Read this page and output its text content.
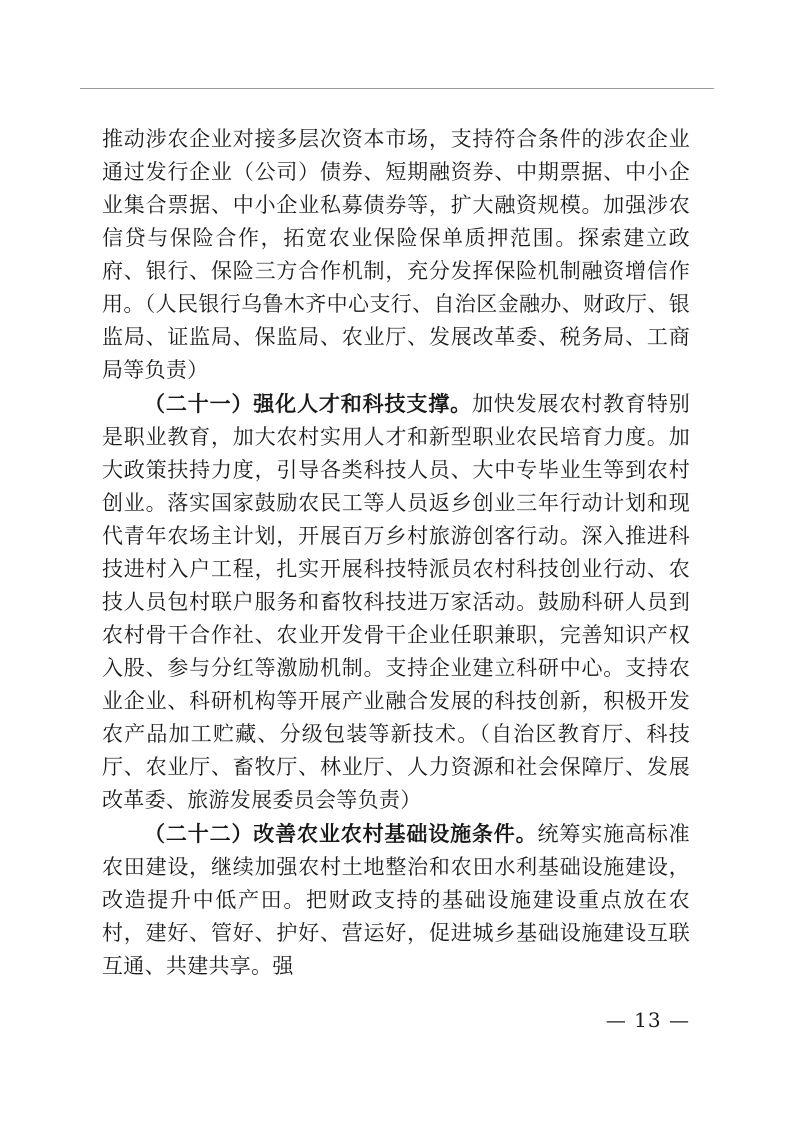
推动涉农企业对接多层次资本市场，支持符合条件的涉农企业通过发行企业（公司）债券、短期融资券、中期票据、中小企业集合票据、中小企业私募债券等，扩大融资规模。加强涉农信贷与保险合作，拓宽农业保险保单质押范围。探索建立政府、银行、保险三方合作机制，充分发挥保险机制融资增信作用。（人民银行乌鲁木齐中心支行、自治区金融办、财政厅、银监局、证监局、保监局、农业厅、发展改革委、税务局、工商局等负责）

（二十一）强化人才和科技支撑。加快发展农村教育特别是职业教育，加大农村实用人才和新型职业农民培育力度。加大政策扶持力度，引导各类科技人员、大中专毕业生等到农村创业。落实国家鼓励农民工等人员返乡创业三年行动计划和现代青年农场主计划，开展百万乡村旅游创客行动。深入推进科技进村入户工程，扎实开展科技特派员农村科技创业行动、农技人员包村联户服务和畜牧科技进万家活动。鼓励科研人员到农村骨干合作社、农业开发骨干企业任职兼职，完善知识产权入股、参与分红等激励机制。支持企业建立科研中心。支持农业企业、科研机构等开展产业融合发展的科技创新，积极开发农产品加工贮藏、分级包装等新技术。（自治区教育厅、科技厅、农业厅、畜牧厅、林业厅、人力资源和社会保障厅、发展改革委、旅游发展委员会等负责）

（二十二）改善农业农村基础设施条件。统筹实施高标准农田建设，继续加强农村土地整治和农田水利基础设施建设，改造提升中低产田。把财政支持的基础设施建设重点放在农村，建好、管好、护好、营运好，促进城乡基础设施建设互联互通、共建共享。强

— 13 —
